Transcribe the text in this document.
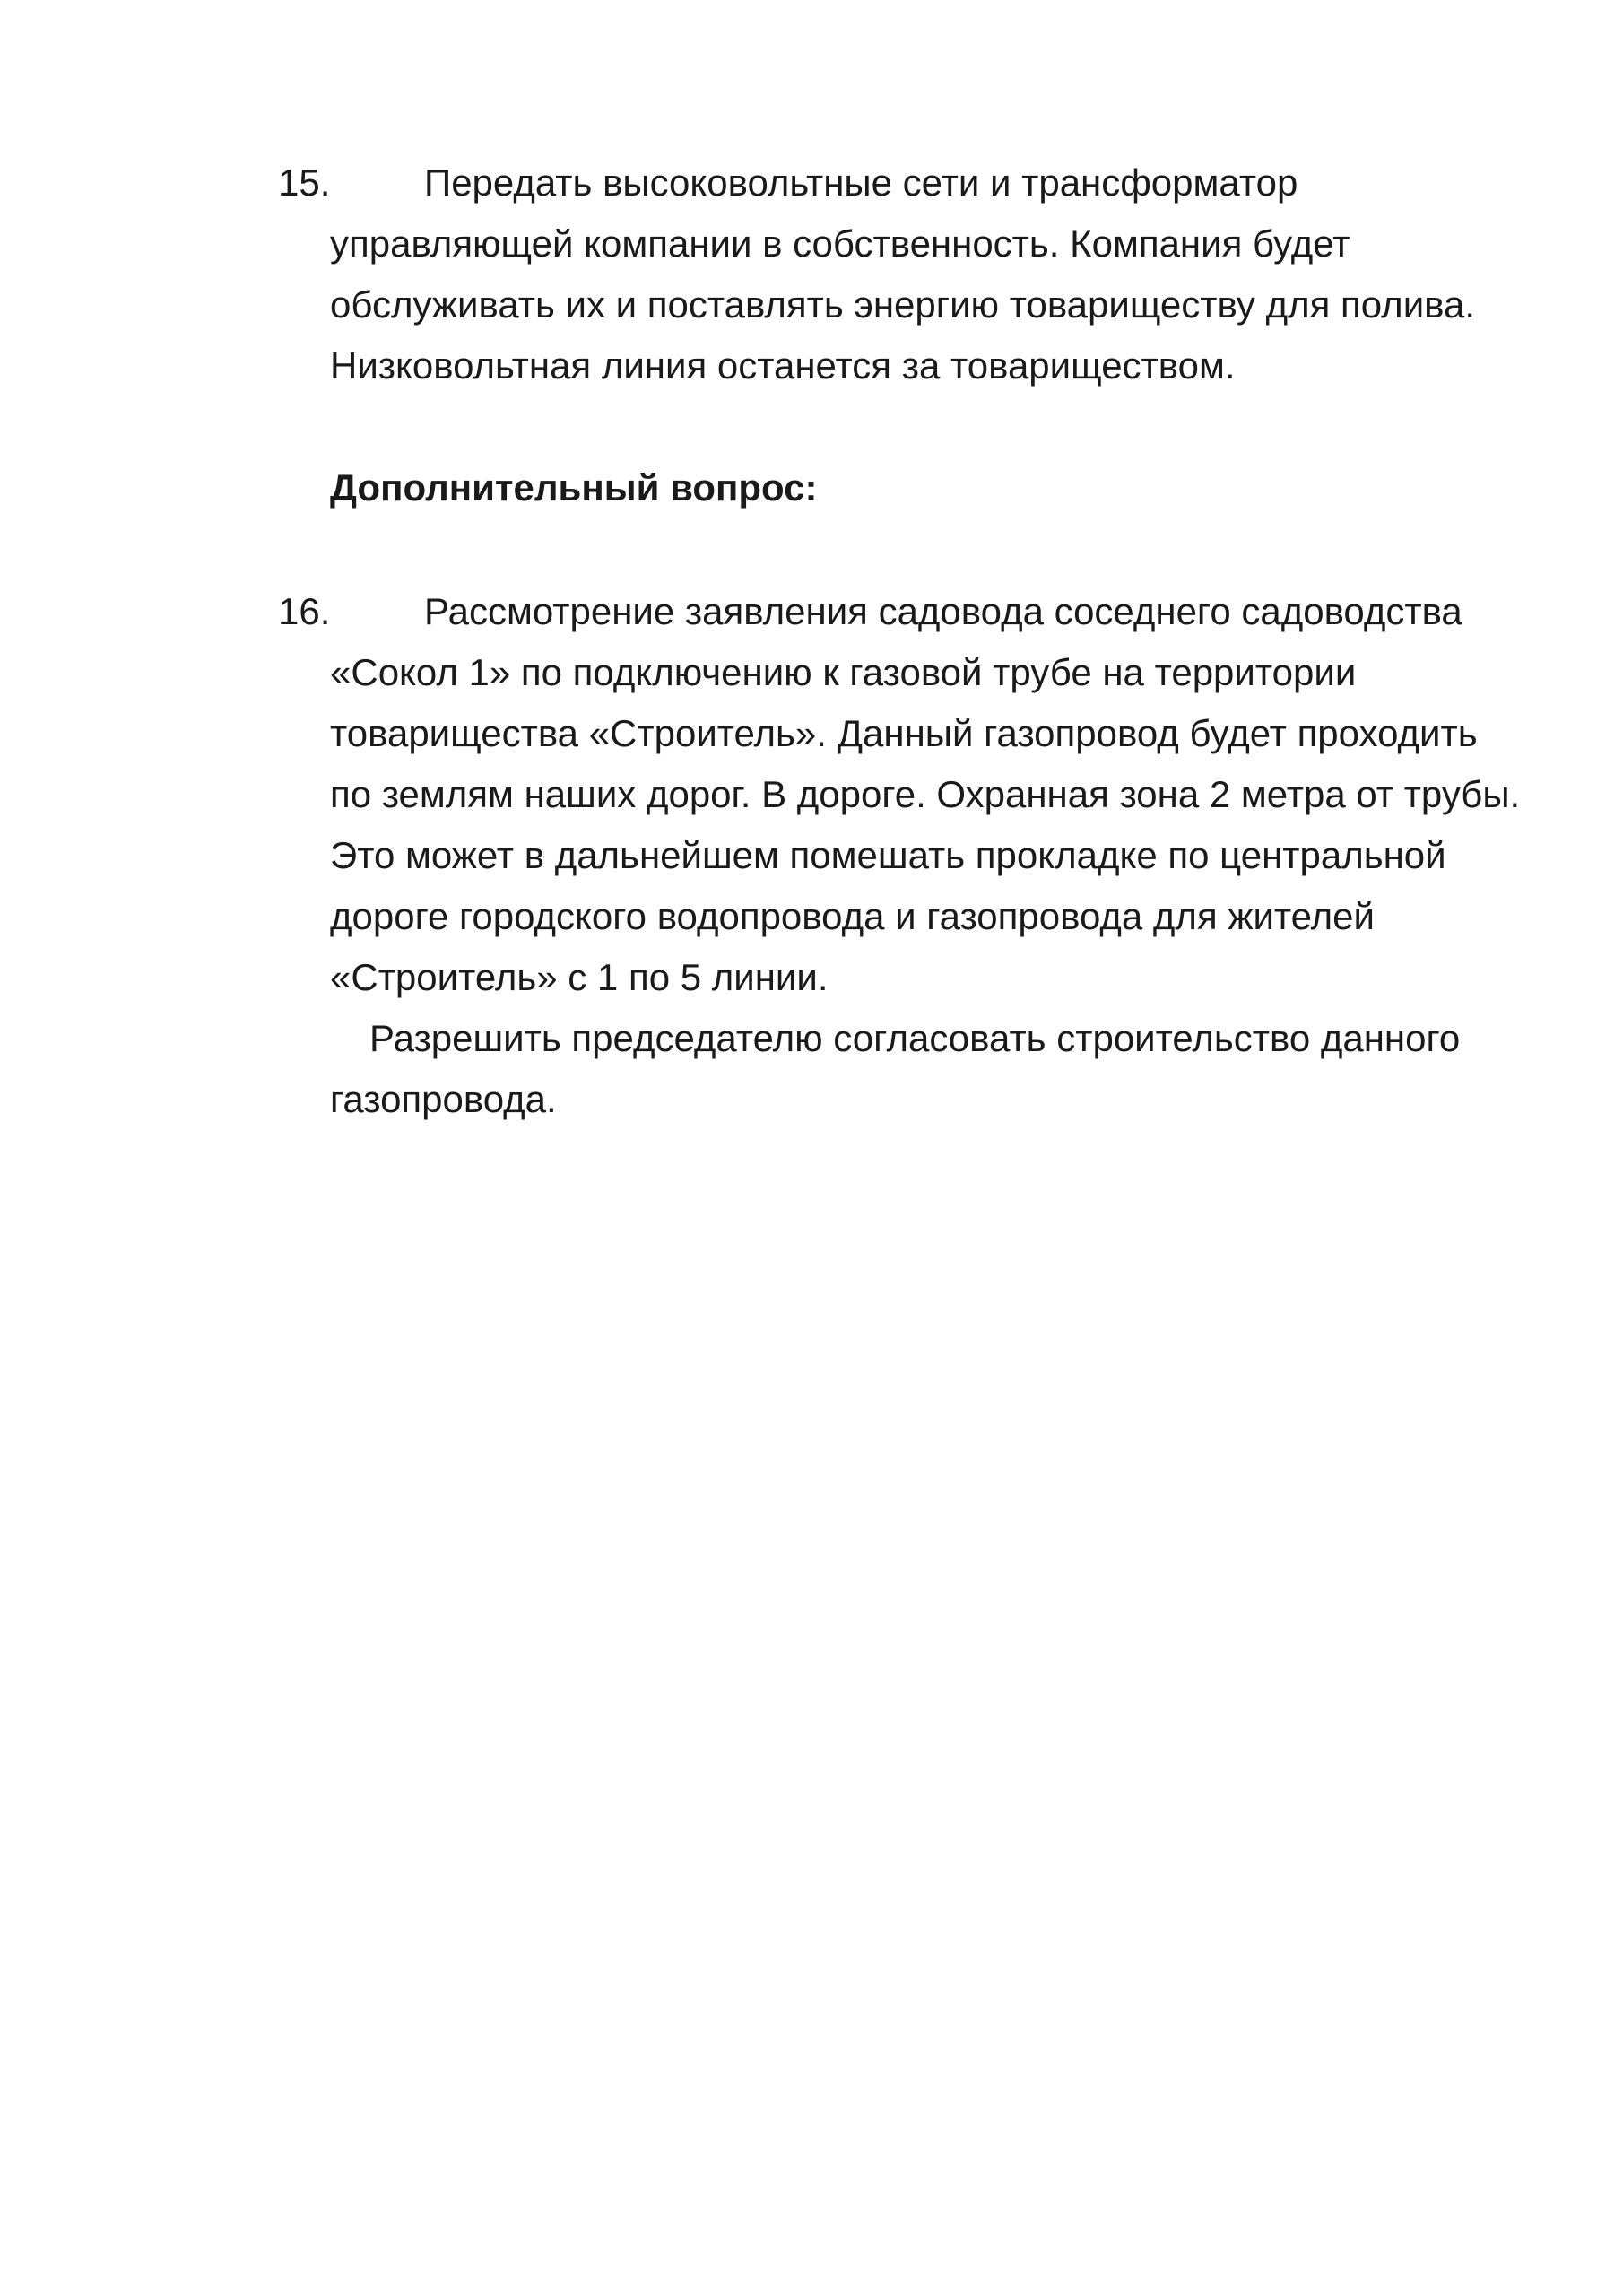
15.	Передать высоковольтные сети и трансформатор управляющей компании в собственность. Компания будет обслуживать их и поставлять энергию товариществу для полива. Низковольтная линия останется за товариществом.
Дополнительный вопрос:
16.	Рассмотрение заявления садовода соседнего садоводства «Сокол 1» по подключению к газовой трубе на территории товарищества «Строитель». Данный газопровод будет проходить по землям наших дорог. В дороге. Охранная зона 2 метра от трубы. Это может в дальнейшем помешать прокладке по центральной дороге городского водопровода и газопровода для жителей «Строитель» с 1 по 5 линии.
Разрешить председателю согласовать строительство данного газопровода.
